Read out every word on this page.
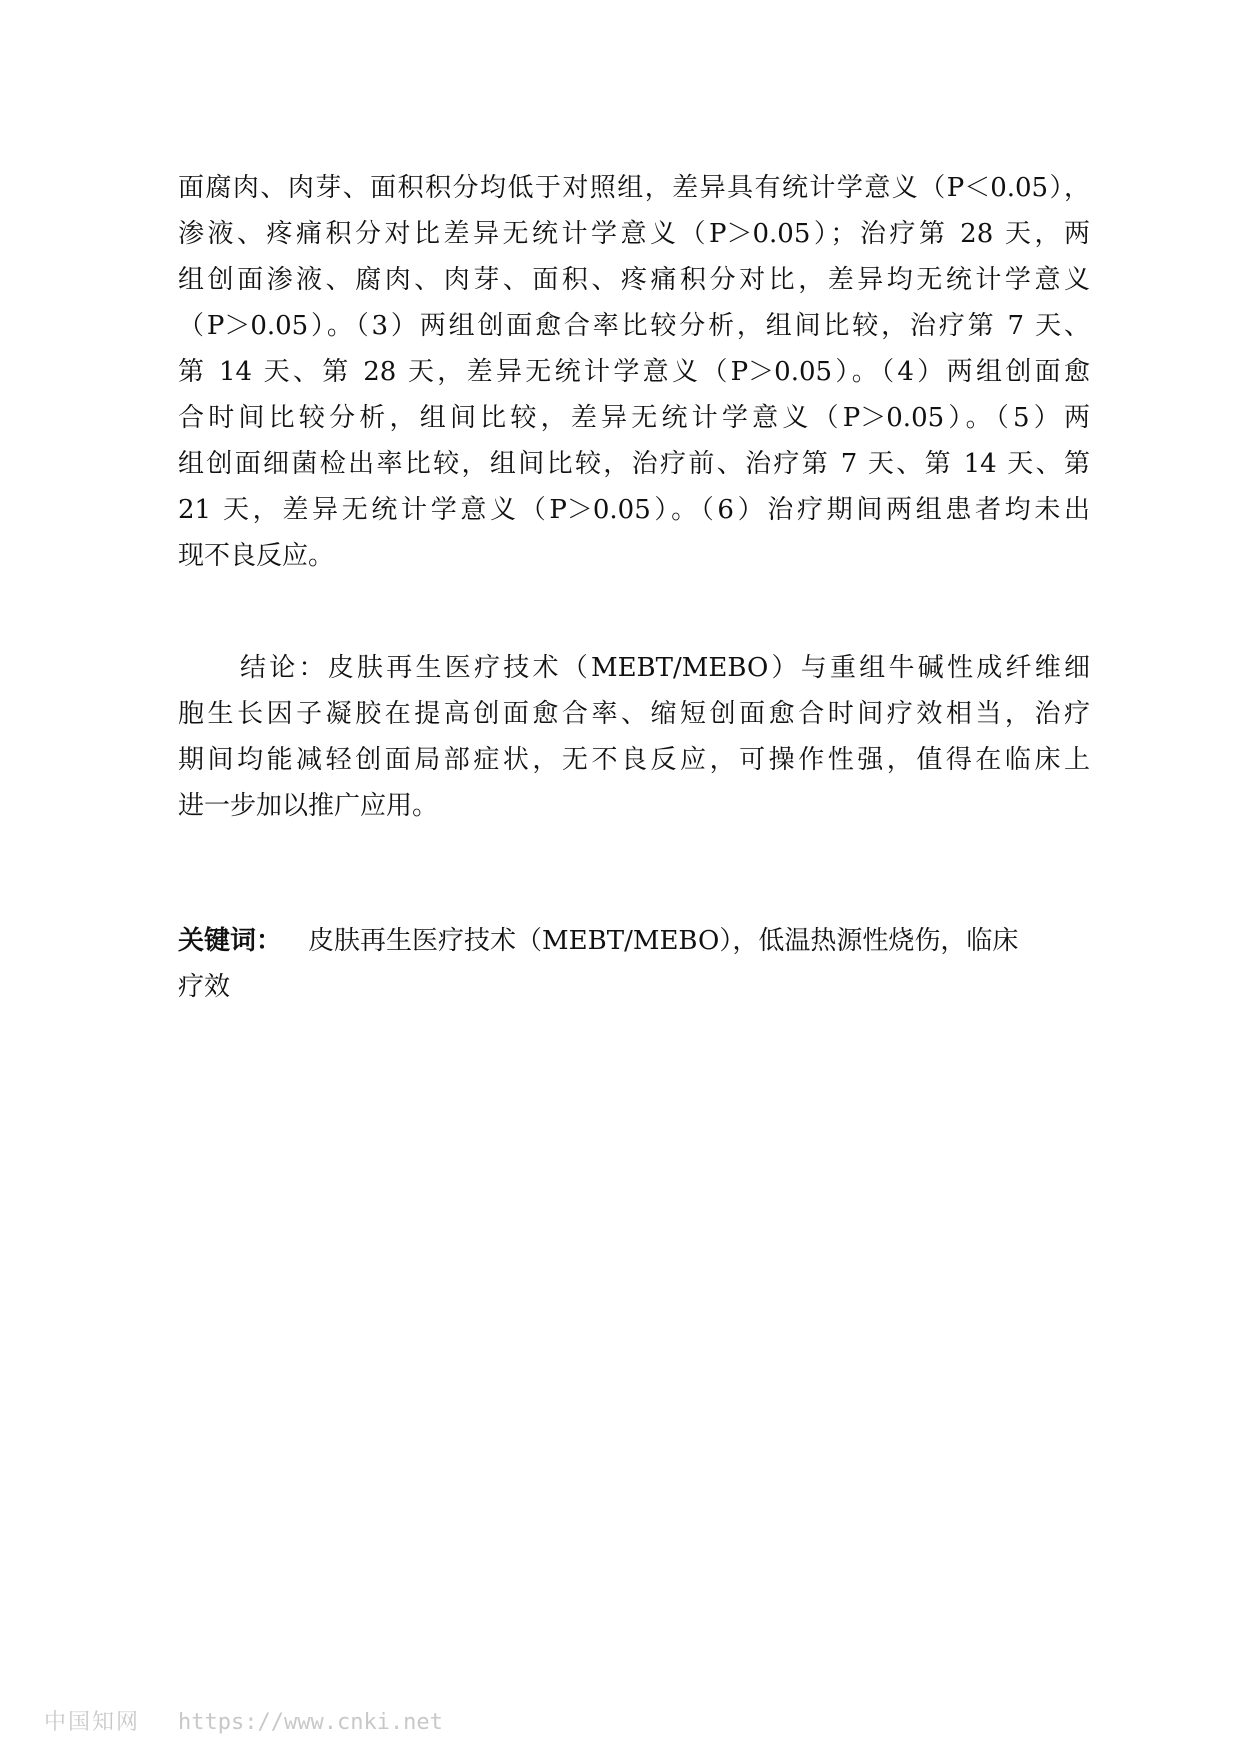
面腐肉、肉芽、面积积分均低于对照组，差异具有统计学意义（P＜0.05），
渗液、疼痛积分对比差异无统计学意义（P＞0.05）；治疗第 28 天，两
组创面渗液、腐肉、肉芽、面积、疼痛积分对比，差异均无统计学意义
（P＞0.05）。（3）两组创面愈合率比较分析，组间比较，治疗第 7 天、
第 14 天、第 28 天，差异无统计学意义（P＞0.05）。（4）两组创面愈
合时间比较分析，组间比较，差异无统计学意义（P＞0.05）。（5）两
组创面细菌检出率比较，组间比较，治疗前、治疗第 7 天、第 14 天、第
21 天，差异无统计学意义（P＞0.05）。（6）治疗期间两组患者均未出
现不良反应。
结论：皮肤再生医疗技术（MEBT/MEBO）与重组牛碱性成纤维细
胞生长因子凝胶在提高创面愈合率、缩短创面愈合时间疗效相当，治疗
期间均能减轻创面局部症状，无不良反应，可操作性强，值得在临床上
进一步加以推广应用。
关键词： 皮肤再生医疗技术（MEBT/MEBO），低温热源性烧伤，临床
疗效
中国知网 https://www.cnki.net
